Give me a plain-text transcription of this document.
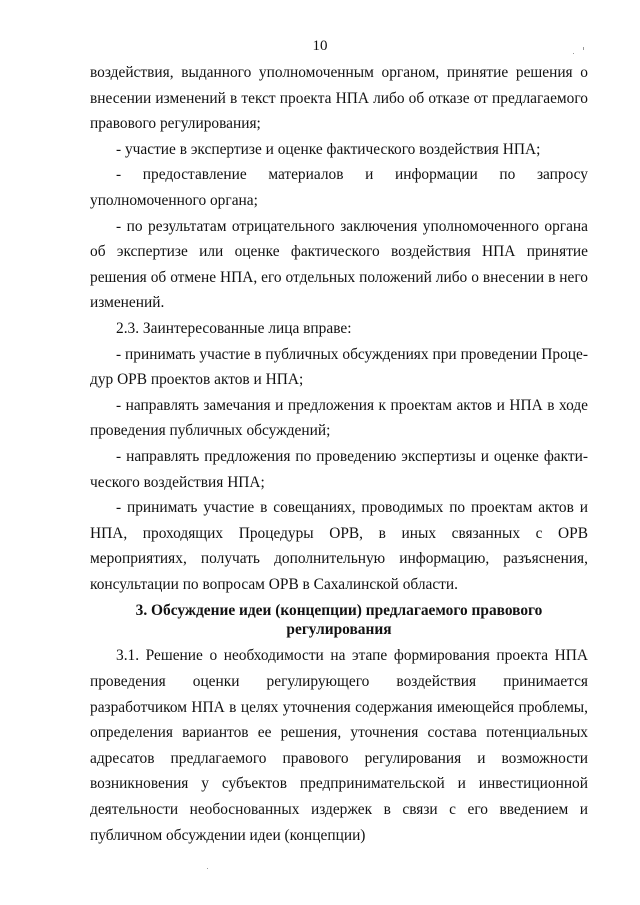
10

воздействия, выданного уполномоченным органом, принятие решения о внесении изменений в текст проекта НПА либо об отказе от предлагаемого правового регулирования;

- участие в экспертизе и оценке фактического воздействия НПА;

- предоставление материалов и информации по запросу уполномоченного органа;

- по результатам отрицательного заключения уполномоченного органа об экспертизе или оценке фактического воздействия НПА принятие решения об отмене НПА, его отдельных положений либо о внесении в него изменений.

2.3. Заинтересованные лица вправе:

- принимать участие в публичных обсуждениях при проведении Процедур ОРВ проектов актов и НПА;

- направлять замечания и предложения к проектам актов и НПА в ходе проведения публичных обсуждений;

- направлять предложения по проведению экспертизы и оценке фактического воздействия НПА;

- принимать участие в совещаниях, проводимых по проектам актов и НПА, проходящих Процедуры ОРВ, в иных связанных с ОРВ мероприятиях, получать дополнительную информацию, разъяснения, консультации по вопросам ОРВ в Сахалинской области.

3. Обсуждение идеи (концепции) предлагаемого правового
регулирования

3.1. Решение о необходимости на этапе формирования проекта НПА проведения оценки регулирующего воздействия принимается разработчиком НПА в целях уточнения содержания имеющейся проблемы, определения вариантов ее решения, уточнения состава потенциальных адресатов предлагаемого правового регулирования и возможности возникновения у субъектов предпринимательской и инвестиционной деятельности необоснованных издержек в связи с его введением и публичном обсуждении идеи (концепции)
